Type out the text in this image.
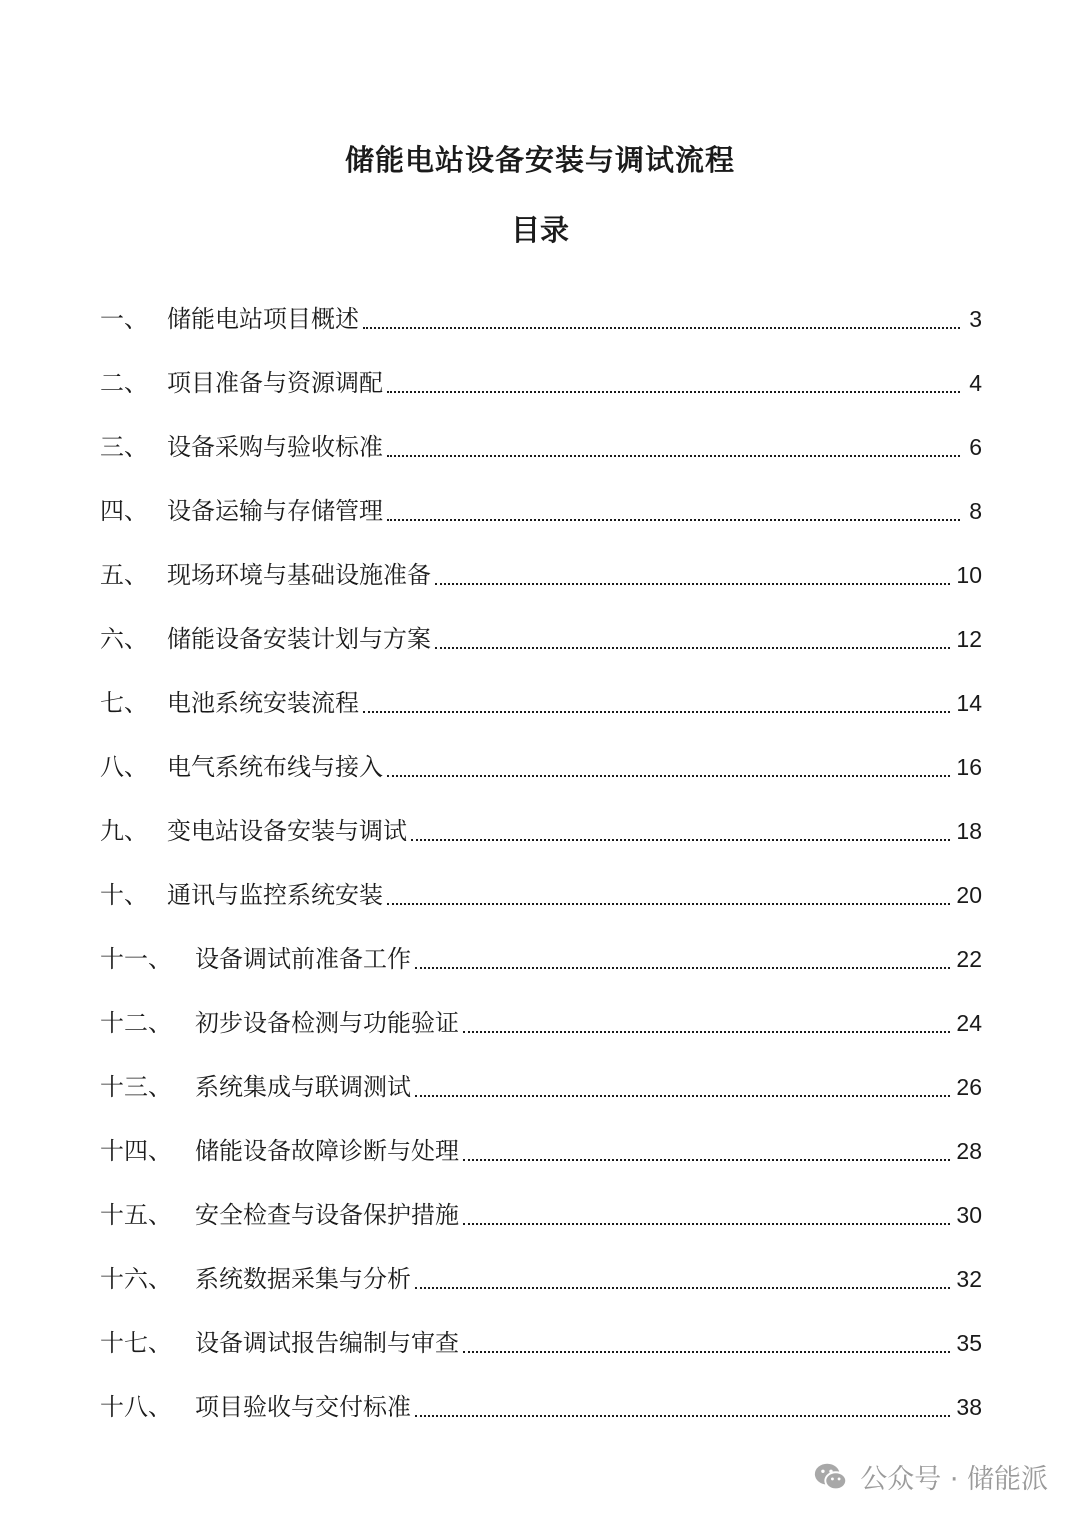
储能电站设备安装与调试流程
目录
一、 储能电站项目概述	3
二、 项目准备与资源调配	4
三、 设备采购与验收标准	6
四、 设备运输与存储管理	8
五、 现场环境与基础设施准备	10
六、 储能设备安装计划与方案	12
七、 电池系统安装流程	14
八、 电气系统布线与接入	16
九、 变电站设备安装与调试	18
十、 通讯与监控系统安装	20
十一、 设备调试前准备工作	22
十二、 初步设备检测与功能验证	24
十三、 系统集成与联调测试	26
十四、 储能设备故障诊断与处理	28
十五、 安全检查与设备保护措施	30
十六、 系统数据采集与分析	32
十七、 设备调试报告编制与审查	35
十八、 项目验收与交付标准	38
公众号 · 储能派
